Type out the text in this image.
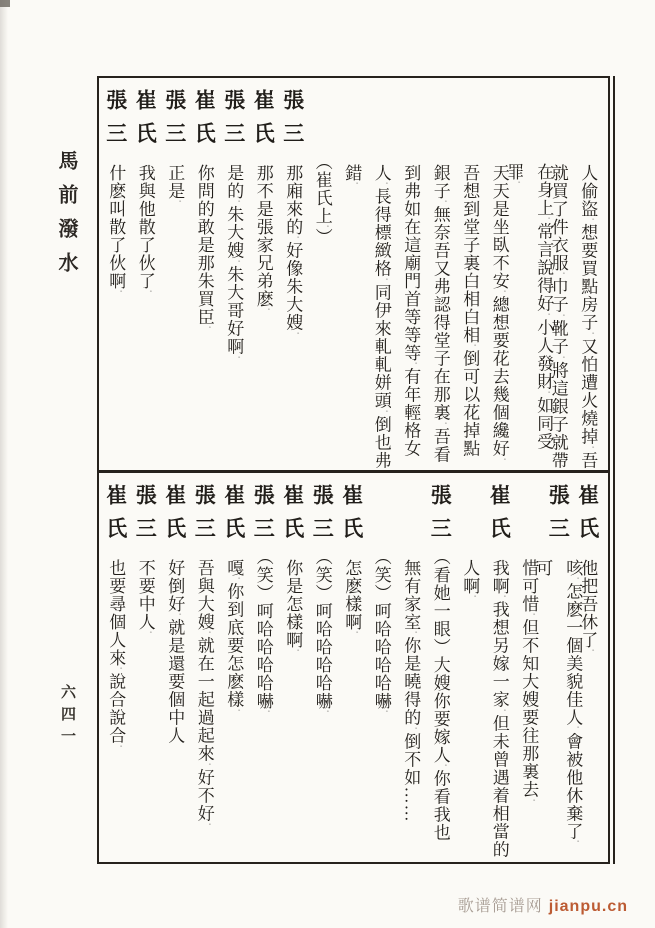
馬前潑水
六四一
人偷盜。想要買點房子。又怕遭火燒掉。吾
就買了件衣服。巾子。靴子。將這銀子就帶
在身上。常言說得好。小人發財。如同受罪。
天天是坐臥不安。總想要花去幾個纔好。
吾想到堂子裏白相白相。倒可以花掉點
銀子。無奈吾又弗認得堂子在那裏。吾看
到弗如在這廟門首等等等。有年輕格女
人。長得標緻格。同伊來軋軋姘頭。倒也弗
錯。
（崔氏上。）
張三
那廂來的。好像朱大嫂。
崔氏
那不是張家兄弟麽。
張三
是的。朱大嫂。朱大哥好啊。
崔氏
你問的敢是那朱買臣。
張三
正是。
崔氏
我與他散了伙了。
張三
什麽叫散了伙啊。
崔氏
他把吾休了。
張三
咳。怎麽一個美貌佳人。會被他休棄了。可
惜可惜。但不知大嫂要往那裏去。
崔氏
我啊。我想另嫁一家。但未曾遇着相當的
人啊。
張三
（看她一眼）大嫂你要嫁人。你看我也
無有家室。你是曉得的。倒不如……
（笑）呵哈哈哈哈嚇。
崔氏
怎麽樣啊。
張三
（笑）呵哈哈哈哈嚇。
崔氏
你是怎樣啊。
張三
（笑）呵哈哈哈哈嚇。
崔氏
嘎。你到底要怎麽樣。
張三
吾與大嫂。就在一起過起來。好不好。
崔氏
好倒好。就是還要個中人
張三
不要中人。
崔氏
也要尋個人來。說合說合。
歌谱简谱网 jianpu.cn
